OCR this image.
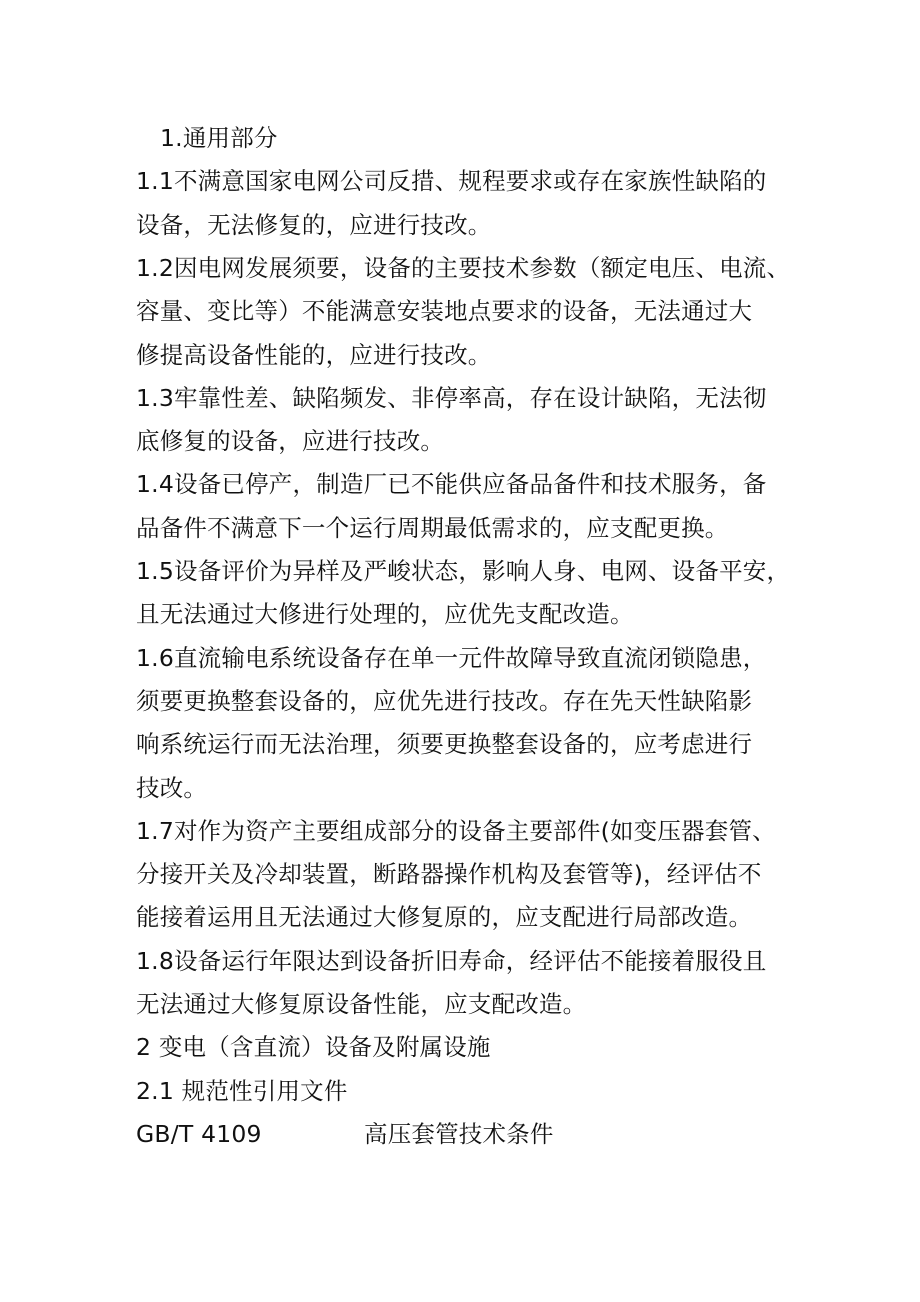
1.通用部分
1.1不满意国家电网公司反措、规程要求或存在家族性缺陷的
设备，无法修复的，应进行技改。
1.2因电网发展须要，设备的主要技术参数（额定电压、电流、
容量、变比等）不能满意安装地点要求的设备，无法通过大
修提高设备性能的，应进行技改。
1.3牢靠性差、缺陷频发、非停率高，存在设计缺陷，无法彻
底修复的设备，应进行技改。
1.4设备已停产，制造厂已不能供应备品备件和技术服务，备
品备件不满意下一个运行周期最低需求的，应支配更换。
1.5设备评价为异样及严峻状态，影响人身、电网、设备平安，
且无法通过大修进行处理的，应优先支配改造。
1.6直流输电系统设备存在单一元件故障导致直流闭锁隐患，
须要更换整套设备的，应优先进行技改。存在先天性缺陷影
响系统运行而无法治理，须要更换整套设备的，应考虑进行
技改。
1.7对作为资产主要组成部分的设备主要部件(如变压器套管、
分接开关及冷却装置，断路器操作机构及套管等)，经评估不
能接着运用且无法通过大修复原的，应支配进行局部改造。
1.8设备运行年限达到设备折旧寿命，经评估不能接着服役且
无法通过大修复原设备性能，应支配改造。
2 变电（含直流）设备及附属设施
2.1 规范性引用文件
GB/T 4109	高压套管技术条件
